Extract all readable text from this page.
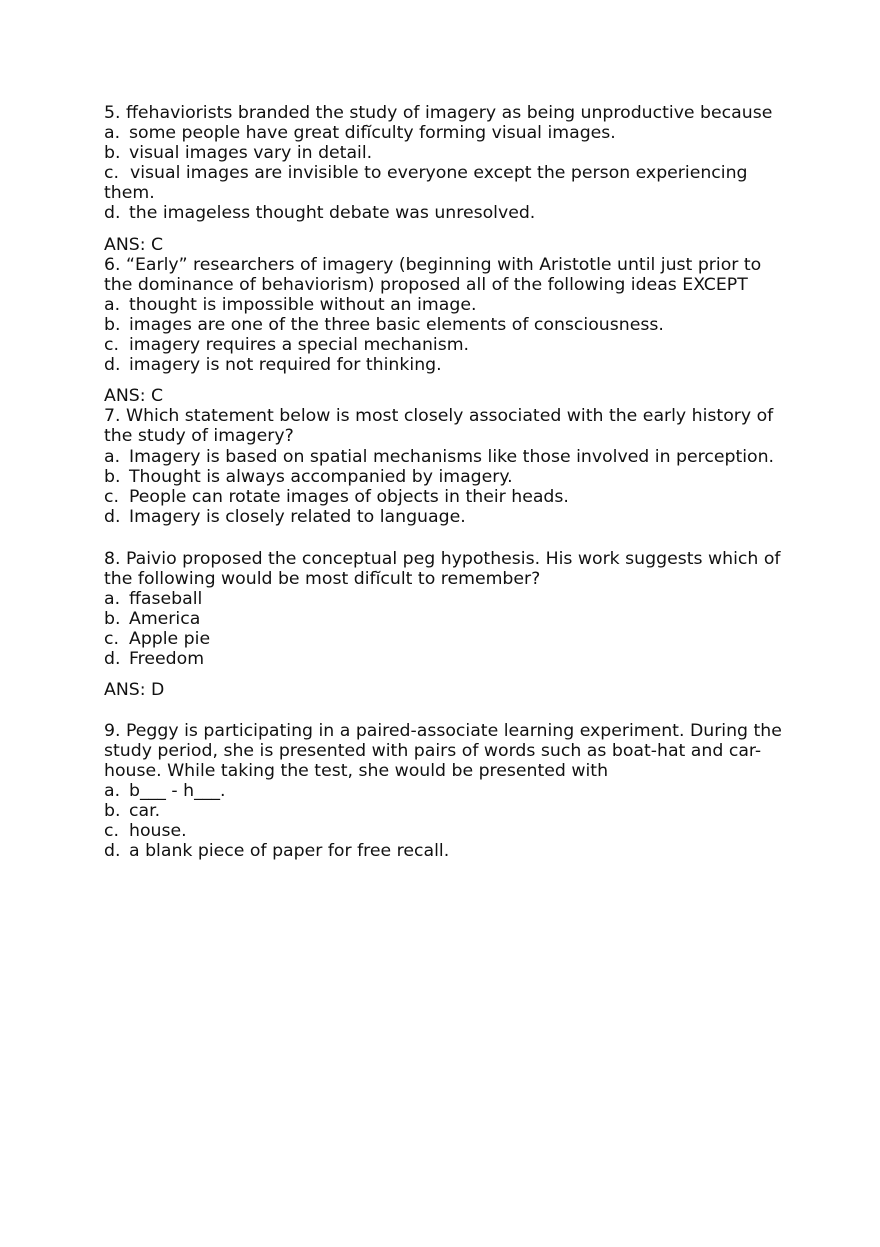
5. ffehaviorists branded the study of imagery as being unproductive because
a. some people have great difĭculty forming visual images.
b. visual images vary in detail.
c. visual images are invisible to everyone except the person experiencing them.
d. the imageless thought debate was unresolved.
ANS: C
6. “Early” researchers of imagery (beginning with Aristotle until just prior to the dominance of behaviorism) proposed all of the following ideas EXCEPT
a. thought is impossible without an image.
b. images are one of the three basic elements of consciousness.
c. imagery requires a special mechanism.
d. imagery is not required for thinking.
ANS: C
7. Which statement below is most closely associated with the early history of the study of imagery?
a. Imagery is based on spatial mechanisms like those involved in perception.
b. Thought is always accompanied by imagery.
c. People can rotate images of objects in their heads.
d. Imagery is closely related to language.
8. Paivio proposed the conceptual peg hypothesis. His work suggests which of the following would be most difĭcult to remember?
a. ffaseball
b. America
c. Apple pie
d. Freedom
ANS: D
9. Peggy is participating in a paired-associate learning experiment. During the study period, she is presented with pairs of words such as boat-hat and car-house. While taking the test, she would be presented with
a. b___ - h___.
b. car.
c. house.
d. a blank piece of paper for free recall.
